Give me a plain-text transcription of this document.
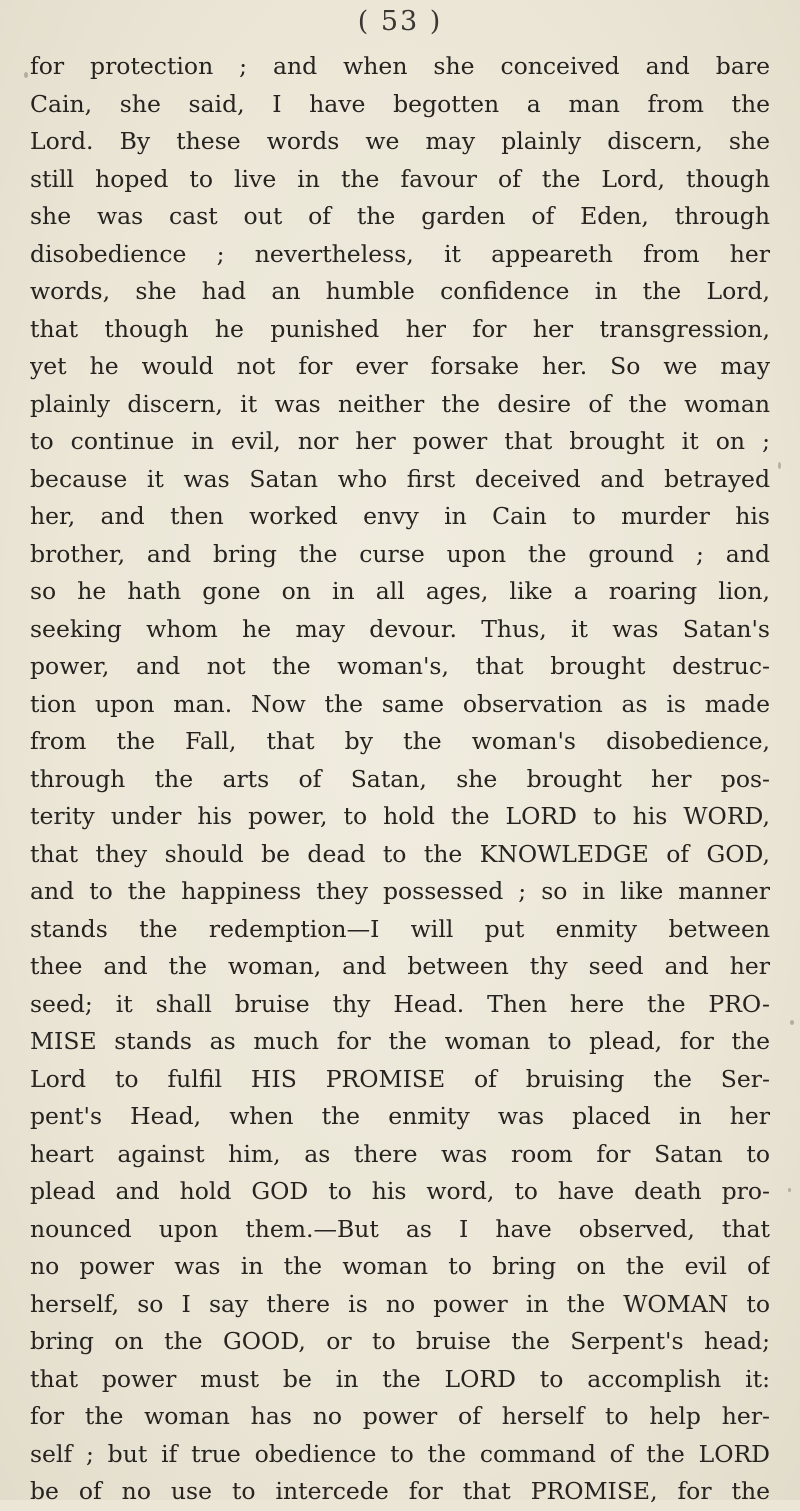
( 53 )
for protection ; and when she conceived and bare
Cain, she said, I have begotten a man from the
Lord. By these words we may plainly discern, she
still hoped to live in the favour of the Lord, though
she was cast out of the garden of Eden, through
disobedience ; nevertheless, it appeareth from her
words, she had an humble confidence in the Lord,
that though he punished her for her transgression,
yet he would not for ever forsake her. So we may
plainly discern, it was neither the desire of the woman
to continue in evil, nor her power that brought it on ;
because it was Satan who first deceived and betrayed
her, and then worked envy in Cain to murder his
brother, and bring the curse upon the ground ; and
so he hath gone on in all ages, like a roaring lion,
seeking whom he may devour. Thus, it was Satan's
power, and not the woman's, that brought destruc-
tion upon man. Now the same observation as is made
from the Fall, that by the woman's disobedience,
through the arts of Satan, she brought her pos-
terity under his power, to hold the LORD to his WORD,
that they should be dead to the KNOWLEDGE of GOD,
and to the happiness they possessed ; so in like manner
stands the redemption—I will put enmity between
thee and the woman, and between thy seed and her
seed; it shall bruise thy Head. Then here the PRO-
MISE stands as much for the woman to plead, for the
Lord to fulfil HIS PROMISE of bruising the Ser-
pent's Head, when the enmity was placed in her
heart against him, as there was room for Satan to
plead and hold GOD to his word, to have death pro-
nounced upon them.—But as I have observed, that
no power was in the woman to bring on the evil of
herself, so I say there is no power in the WOMAN to
bring on the GOOD, or to bruise the Serpent's head;
that power must be in the LORD to accomplish it:
for the woman has no power of herself to help her-
self ; but if true obedience to the command of the LORD
be of no use to intercede for that PROMISE, for the
